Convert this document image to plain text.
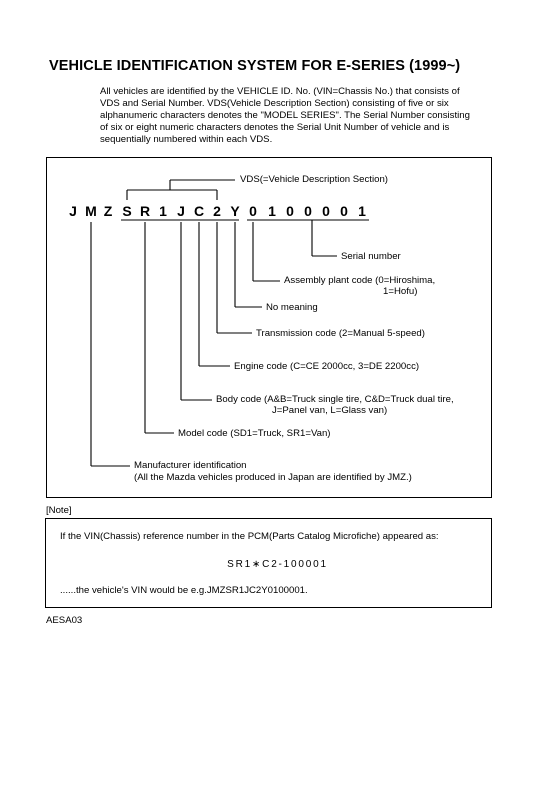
VEHICLE IDENTIFICATION SYSTEM FOR E-SERIES (1999~)
All vehicles are identified by the VEHICLE ID. No. (VIN=Chassis No.) that consists of VDS and Serial Number. VDS(Vehicle Description Section) consisting of five or six alphanumeric characters denotes the "MODEL SERIES". The Serial Number consisting of six or eight numeric characters denotes the Serial Unit Number of vehicle and is sequentially numbered within each VDS.
J M Z S R 1 J C 2 Y 0 1 0 0 0 0 1
VDS(=Vehicle Description Section)
Serial number
Assembly plant code (0=Hiroshima,
1=Hofu)
No meaning
Transmission code (2=Manual 5-speed)
Engine code (C=CE 2000cc, 3=DE 2200cc)
Body code (A&B=Truck single tire, C&D=Truck dual tire,
J=Panel van, L=Glass van)
Model code (SD1=Truck, SR1=Van)
Manufacturer identification
(All the Mazda vehicles produced in Japan are identified by JMZ.)
[Note]
If the VIN(Chassis) reference number in the PCM(Parts Catalog Microfiche) appeared as:
SR1∗C2-100001
......the vehicle's VIN would be e.g.JMZSR1JC2Y0100001.
AESA03
